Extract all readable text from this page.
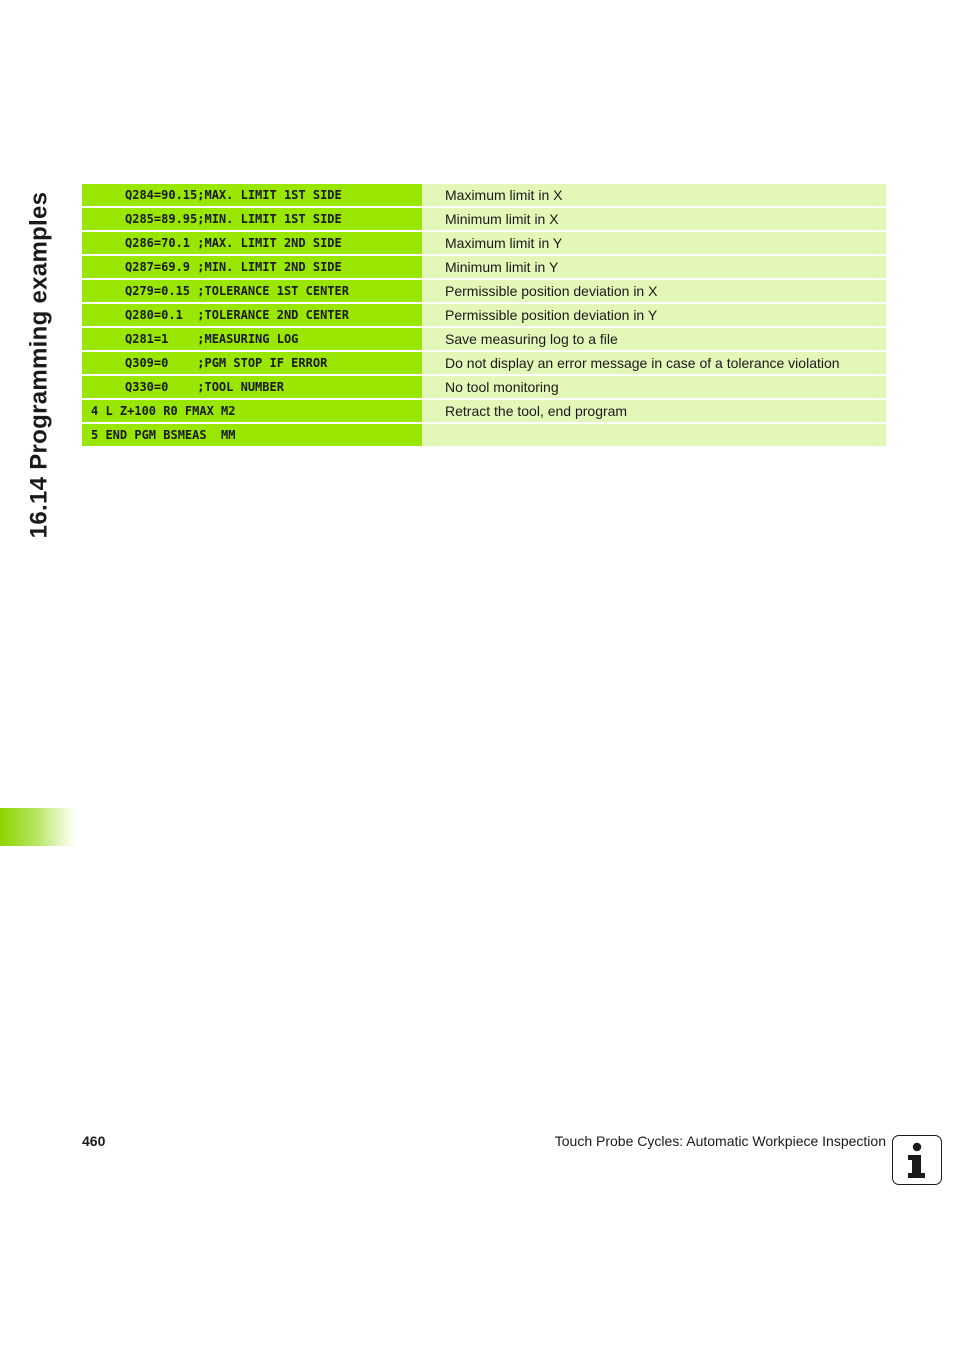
16.14 Programming examples	Q284=90.15;MAX. LIMIT 1ST SIDE	Maximum limit in X
Q285=89.95;MIN. LIMIT 1ST SIDE	Minimum limit in X
Q286=70.1 ;MAX. LIMIT 2ND SIDE	Maximum limit in Y
Q287=69.9 ;MIN. LIMIT 2ND SIDE	Minimum limit in Y
Q279=0.15 ;TOLERANCE 1ST CENTER	Permissible position deviation in X
Q280=0.1  ;TOLERANCE 2ND CENTER	Permissible position deviation in Y
Q281=1    ;MEASURING LOG	Save measuring log to a file
Q309=0    ;PGM STOP IF ERROR	Do not display an error message in case of a tolerance violation
Q330=0    ;TOOL NUMBER	No tool monitoring
4 L Z+100 R0 FMAX M2	Retract the tool, end program
5 END PGM BSMEAS  MM
460	Touch Probe Cycles: Automatic Workpiece Inspection
